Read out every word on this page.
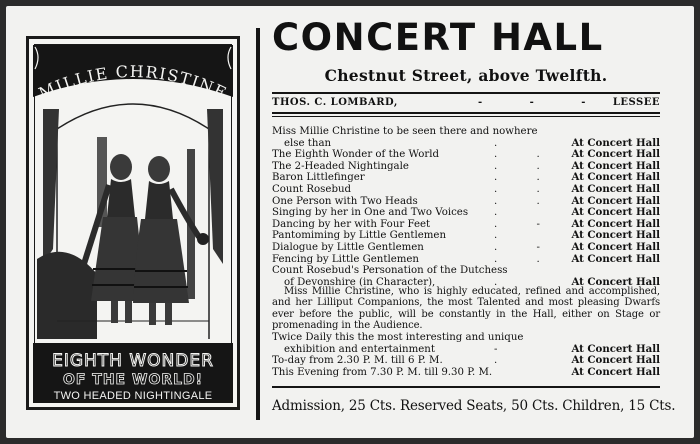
MILLIE CHRISTINE
EIGHTH WONDER
OF THE WORLD!
TWO HEADED NIGHTINGALE
CONCERT HALL
Chestnut Street, above Twelfth.
THOS. C. LOMBARD,	- - - LESSEE
Miss Millie Christine to be seen there and nowhere
else than	.	At Concert Hall
The Eighth Wonder of the World	. . At Concert Hall
The 2-Headed Nightingale	. . At Concert Hall
Baron Littlefinger	. . At Concert Hall
Count Rosebud	. . At Concert Hall
One Person with Two Heads	. . At Concert Hall
Singing by her in One and Two Voices	.	At Concert Hall
Dancing by her with Four Feet	. - At Concert Hall
Pantomiming by Little Gentlemen	.	At Concert Hall
Dialogue by Little Gentlemen	. - At Concert Hall
Fencing by Little Gentlemen	. . At Concert Hall
Count Rosebud's Personation of the Dutchess
of Devonshire (in Character),	.	At Concert Hall
Miss Millie Christine, who is highly educated, refined and accomplished, and her Lilliput Companions, the most Talented and most pleasing Dwarfs ever before the public, will be constantly in the Hall, either on Stage or promenading in the Audience.
Twice Daily this the most interesting and unique
exhibition and entertainment	-	At Concert Hall
To-day from 2.30 P. M. till 6 P. M.	.	At Concert Hall
This Evening from 7.30 P. M. till 9.30 P. M.	At Concert Hall
Admission, 25 Cts. Reserved Seats, 50 Cts. Children, 15 Cts.
